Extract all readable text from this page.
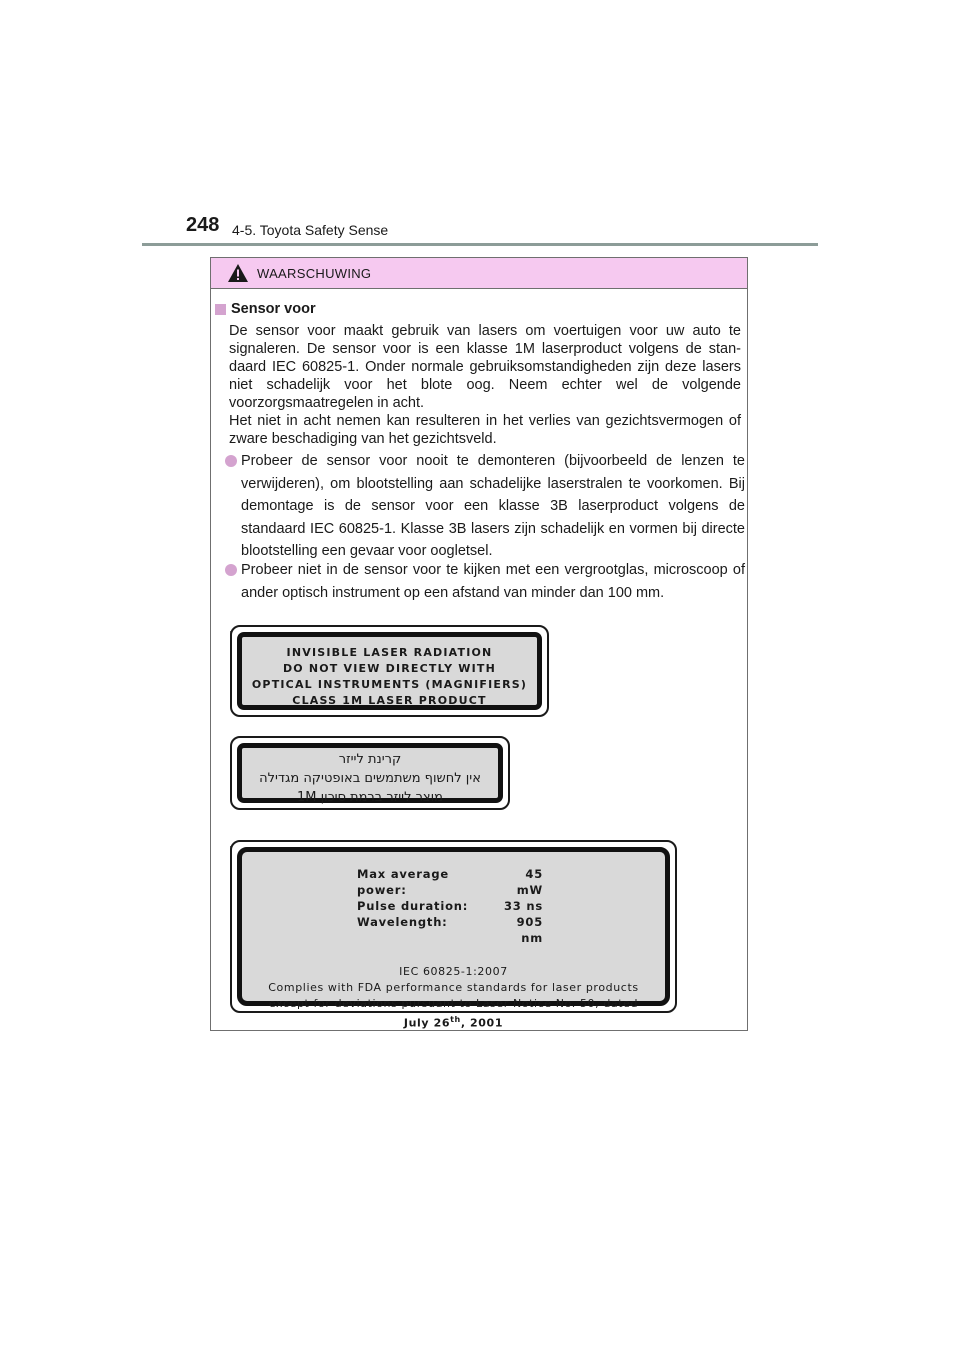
248 4-5. Toyota Safety Sense
WAARSCHUWING
Sensor voor
De sensor voor maakt gebruik van lasers om voertuigen voor uw auto te signaleren. De sensor voor is een klasse 1M laserproduct volgens de stan-daard IEC 60825-1. Onder normale gebruiksomstandigheden zijn deze lasers niet schadelijk voor het blote oog. Neem echter wel de volgende voorzorgsmaatregelen in acht.
Het niet in acht nemen kan resulteren in het verlies van gezichtsvermogen of zware beschadiging van het gezichtsveld.
Probeer de sensor voor nooit te demonteren (bijvoorbeeld de lenzen te verwijderen), om blootstelling aan schadelijke laserstralen te voorkomen. Bij demontage is de sensor voor een klasse 3B laserproduct volgens de standaard IEC 60825-1. Klasse 3B lasers zijn schadelijk en vormen bij directe blootstelling een gevaar voor oogletsel.
Probeer niet in de sensor voor te kijken met een vergrootglas, microscoop of ander optisch instrument op een afstand van minder dan 100 mm.
INVISIBLE LASER RADIATION
DO NOT VIEW DIRECTLY WITH
OPTICAL INSTRUMENTS (MAGNIFIERS)
CLASS 1M LASER PRODUCT
קרינת לייזר
אין לחשוף משתמשים באופטיקה מגדילה
מוצר לייזר ברמת סיכון 1M
Max average power:
45 mW
Pulse duration:	33 ns
Wavelength:	905 nm
IEC 60825-1:2007
Complies with FDA performance standards for laser products
except for deviations pursuant to Laser Notice No. 50, dated
July 26th, 2001
